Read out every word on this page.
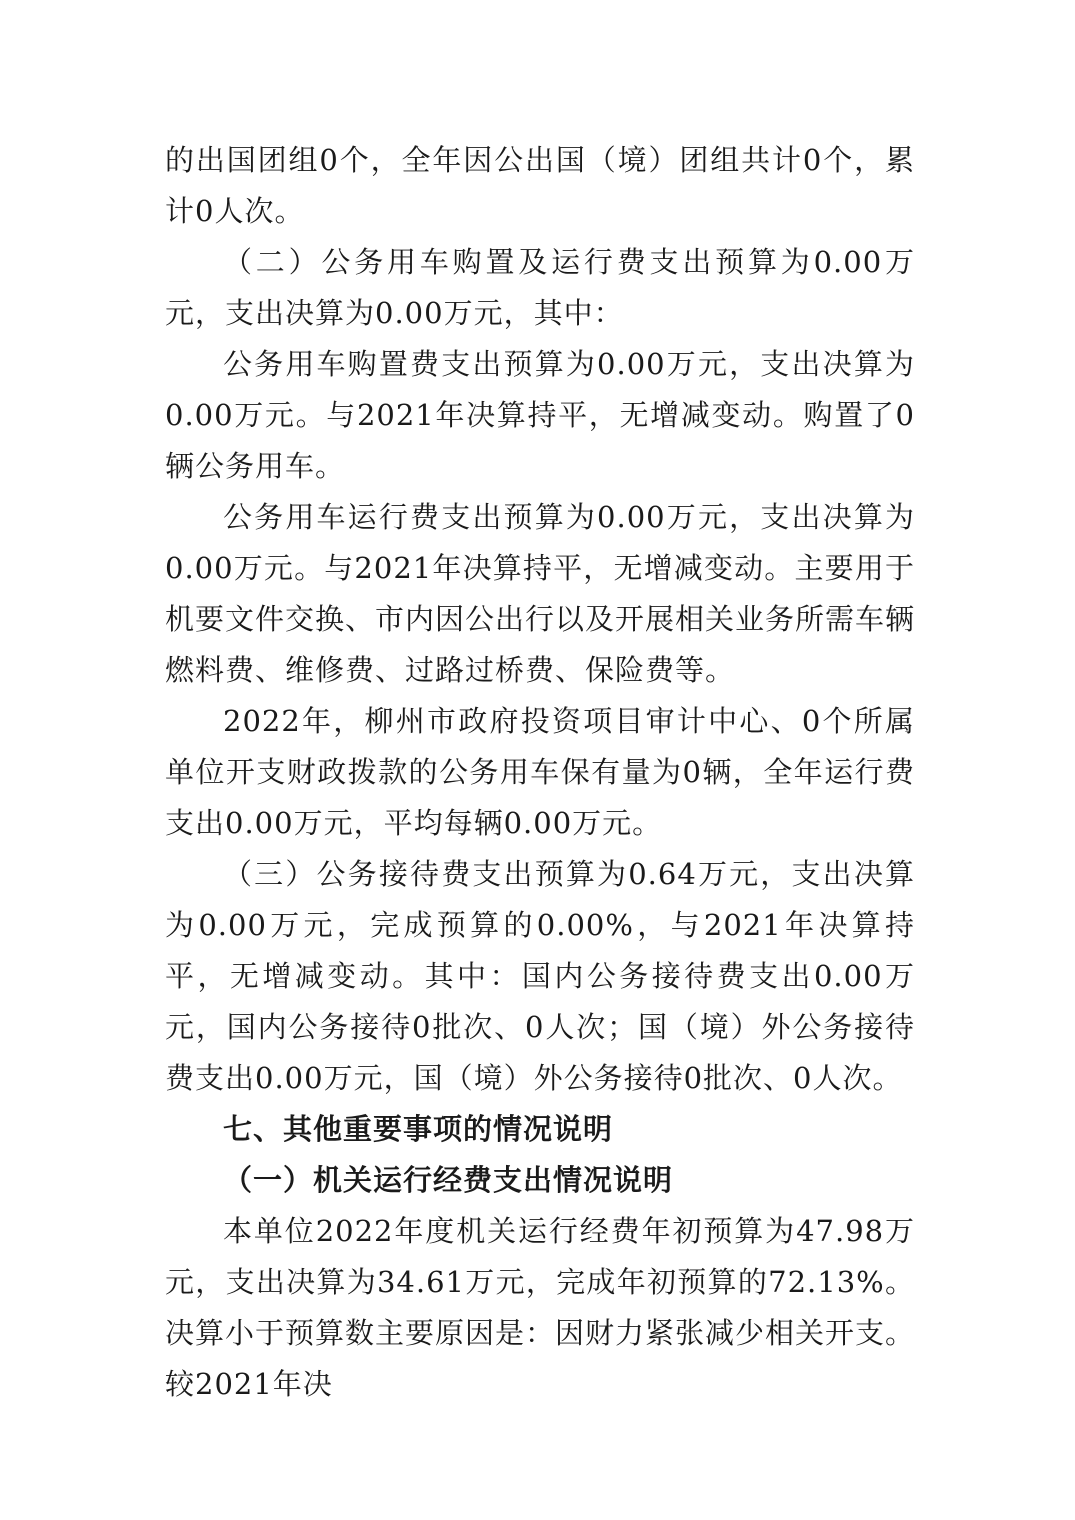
的出国团组0个，全年因公出国（境）团组共计0个，累计0人次。

（二）公务用车购置及运行费支出预算为0.00万元，支出决算为0.00万元，其中：

公务用车购置费支出预算为0.00万元，支出决算为0.00万元。与2021年决算持平，无增减变动。购置了0辆公务用车。

公务用车运行费支出预算为0.00万元，支出决算为0.00万元。与2021年决算持平，无增减变动。主要用于机要文件交换、市内因公出行以及开展相关业务所需车辆燃料费、维修费、过路过桥费、保险费等。

2022年，柳州市政府投资项目审计中心、0个所属单位开支财政拨款的公务用车保有量为0辆，全年运行费支出0.00万元，平均每辆0.00万元。

（三）公务接待费支出预算为0.64万元，支出决算为0.00万元，完成预算的0.00%，与2021年决算持平，无增减变动。其中：国内公务接待费支出0.00万元，国内公务接待0批次、0人次；国（境）外公务接待费支出0.00万元，国（境）外公务接待0批次、0人次。

七、其他重要事项的情况说明

（一）机关运行经费支出情况说明

本单位2022年度机关运行经费年初预算为47.98万元，支出决算为34.61万元，完成年初预算的72.13%。决算小于预算数主要原因是：因财力紧张减少相关开支。较2021年决
